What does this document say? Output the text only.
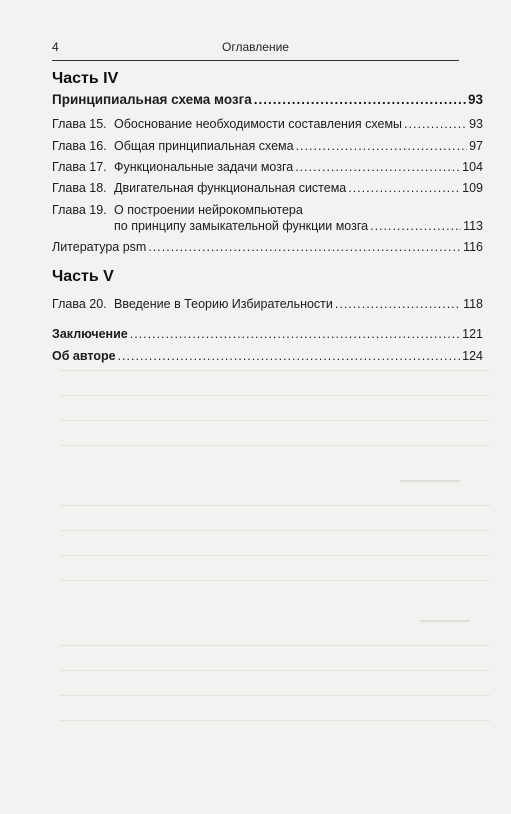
4	Оглавление
Часть IV
Принципиальная схема мозга .....	93
Глава 15. Обоснование необходимости составления схемы .....	93
Глава 16. Общая принципиальная схема .....	97
Глава 17. Функциональные задачи мозга .....	104
Глава 18. Двигательная функциональная система .....	109
Глава 19. О построении нейрокомпьютера
по принципу замыкательной функции мозга .....	113
Литература psm .....	116
Часть V
Глава 20. Введение в Теорию Избирательности .....	118
Заключение .....	121
Об авторе .....	124
